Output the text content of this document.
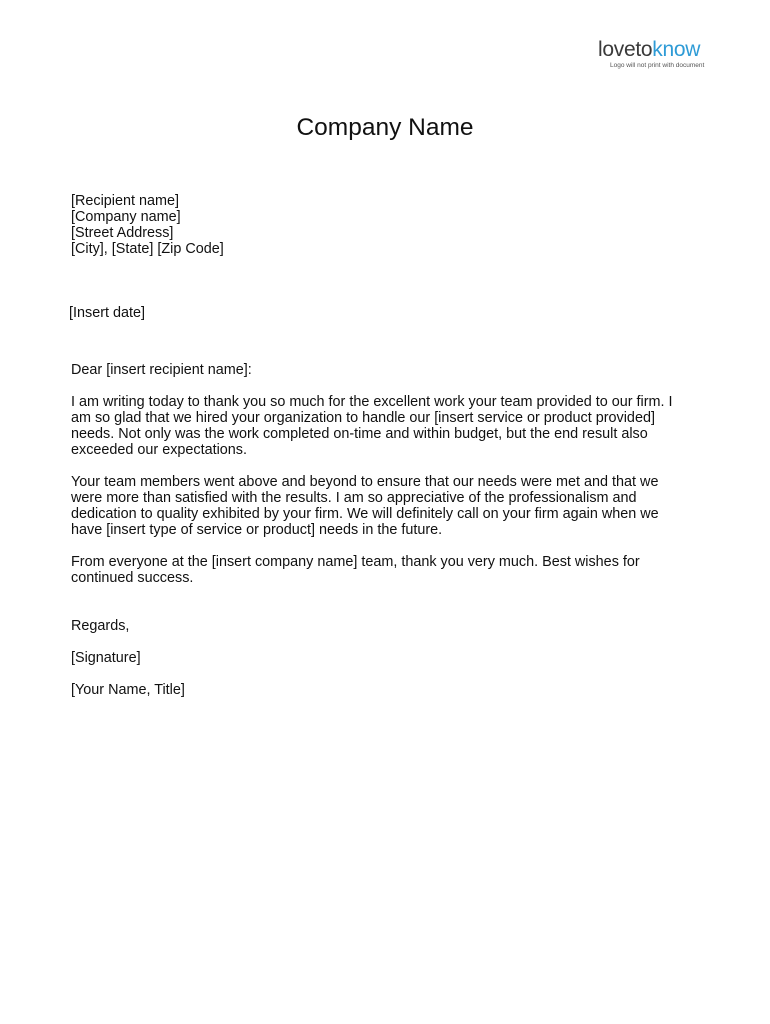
lovetoknow
Logo will not print with document
Company Name
[Recipient name]
[Company name]
[Street Address]
[City], [State] [Zip Code]
[Insert date]
Dear [insert recipient name]:
I am writing today to thank you so much for the excellent work your team provided to our firm. I
am so glad that we hired your organization to handle our [insert service or product provided]
needs. Not only was the work completed on-time and within budget, but the end result also
exceeded our expectations.
Your team members went above and beyond to ensure that our needs were met and that we
were more than satisfied with the results. I am so appreciative of the professionalism and
dedication to quality exhibited by your firm. We will definitely call on your firm again when we
have [insert type of service or product] needs in the future.
From everyone at the [insert company name] team, thank you very much. Best wishes for
continued success.
Regards,
[Signature]
[Your Name, Title]
